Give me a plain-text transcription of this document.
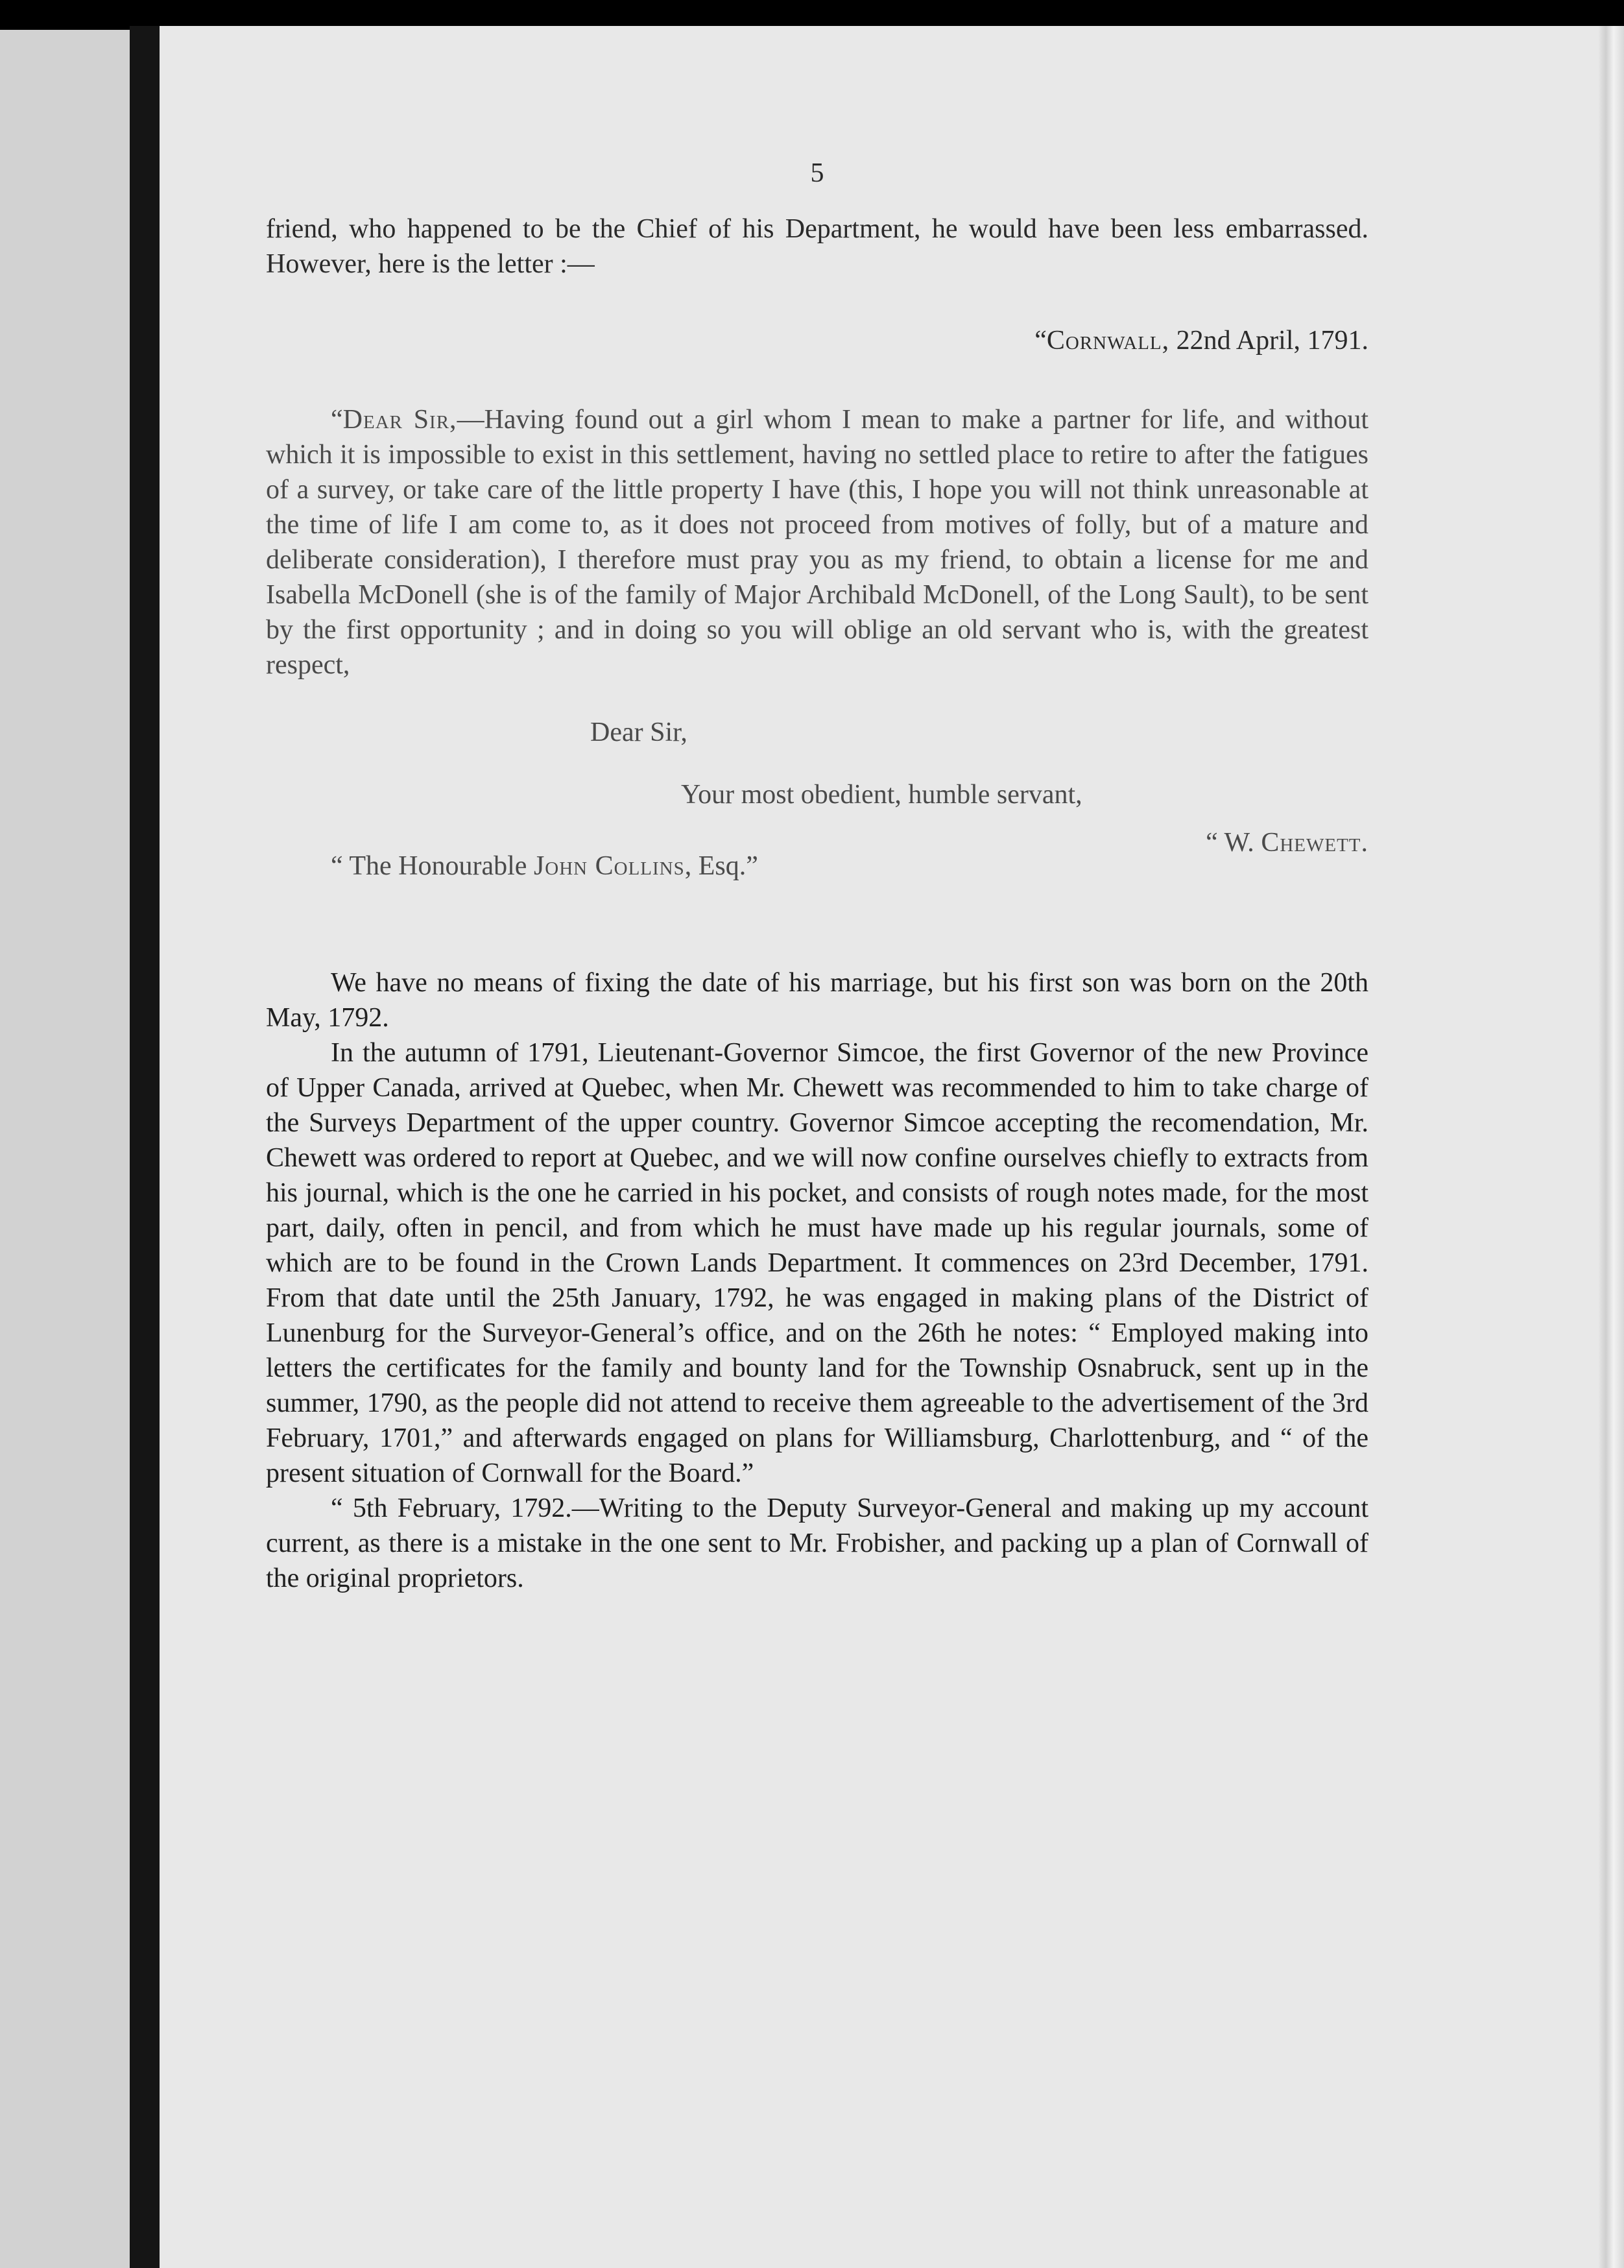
5

friend, who happened to be the Chief of his Department, he would have been less embarrassed. However, here is the letter :—

“Cornwall, 22nd April, 1791.

“Dear Sir,—Having found out a girl whom I mean to make a partner for life, and without which it is impossible to exist in this settlement, having no settled place to retire to after the fatigues of a survey, or take care of the little property I have (this, I hope you will not think unreasonable at the time of life I am come to, as it does not proceed from motives of folly, but of a mature and deliberate consideration), I therefore must pray you as my friend, to obtain a license for me and Isabella McDonell (she is of the family of Major Archibald McDonell, of the Long Sault), to be sent by the first opportunity ; and in doing so you will oblige an old servant who is, with the greatest respect,

Dear Sir,
Your most obedient, humble servant,
“ W. Chewett.
“ The Honourable John Collins, Esq.”

We have no means of fixing the date of his marriage, but his first son was born on the 20th May, 1792.

In the autumn of 1791, Lieutenant-Governor Simcoe, the first Governor of the new Province of Upper Canada, arrived at Quebec, when Mr. Chewett was recommended to him to take charge of the Surveys Department of the upper country. Governor Simcoe accepting the recomendation, Mr. Chewett was ordered to report at Quebec, and we will now confine ourselves chiefly to extracts from his journal, which is the one he carried in his pocket, and consists of rough notes made, for the most part, daily, often in pencil, and from which he must have made up his regular journals, some of which are to be found in the Crown Lands Department. It commences on 23rd December, 1791. From that date until the 25th January, 1792, he was engaged in making plans of the District of Lunenburg for the Surveyor-General’s office, and on the 26th he notes: “ Employed making into letters the certificates for the family and bounty land for the Township Osnabruck, sent up in the summer, 1790, as the people did not attend to receive them agreeable to the advertisement of the 3rd February, 1701,” and afterwards engaged on plans for Williamsburg, Charlottenburg, and “ of the present situation of Cornwall for the Board.”

“ 5th February, 1792.—Writing to the Deputy Surveyor-General and making up my account current, as there is a mistake in the one sent to Mr. Frobisher, and packing up a plan of Cornwall of the original proprietors.
